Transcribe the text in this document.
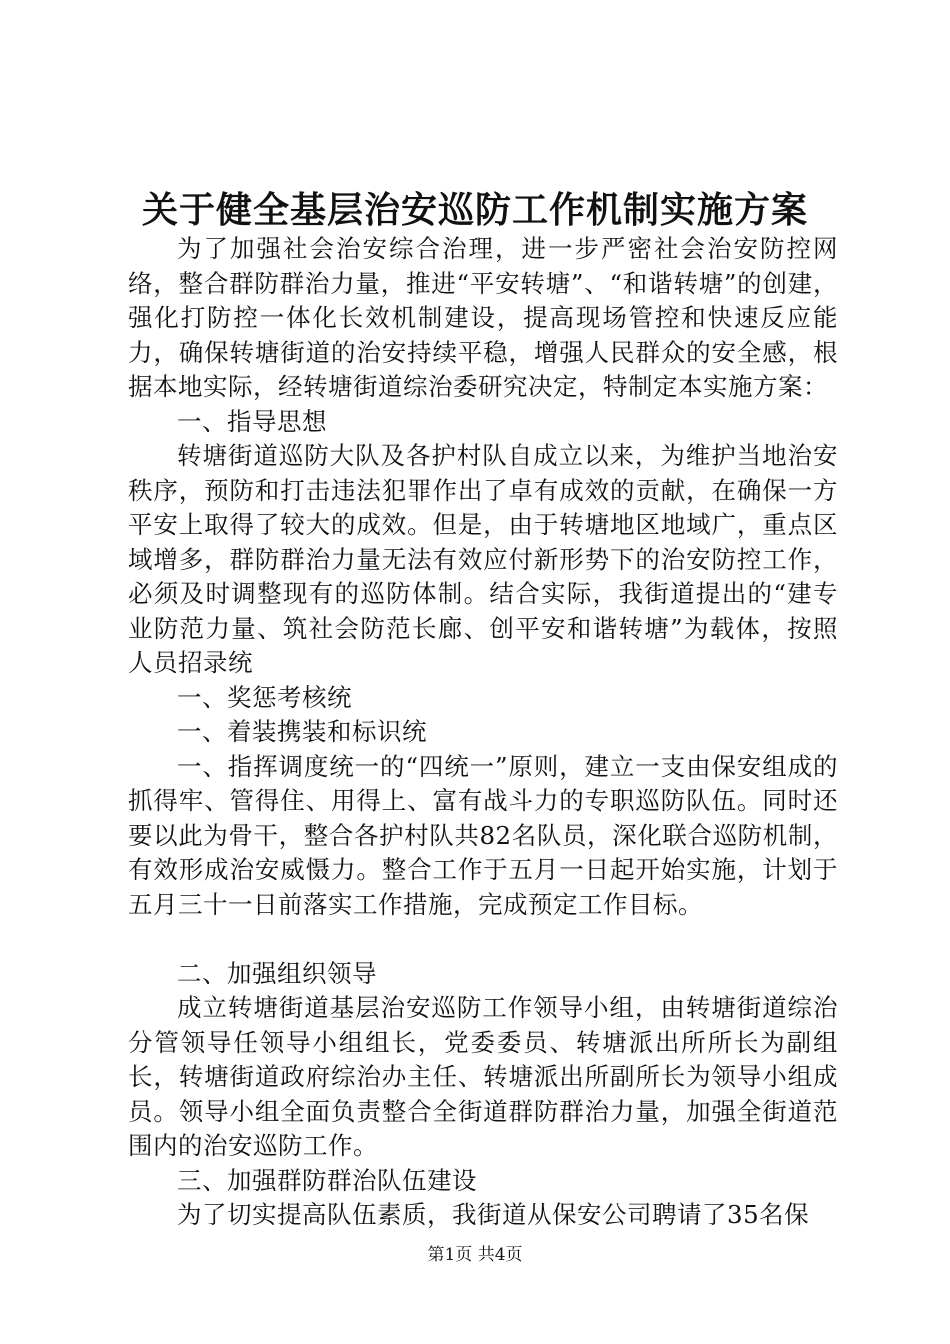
关于健全基层治安巡防工作机制实施方案

为了加强社会治安综合治理，进一步严密社会治安防控网络，整合群防群治力量，推进“平安转塘”、“和谐转塘”的创建，强化打防控一体化长效机制建设，提高现场管控和快速反应能力，确保转塘街道的治安持续平稳，增强人民群众的安全感，根据本地实际，经转塘街道综治委研究决定，特制定本实施方案：

一、指导思想

转塘街道巡防大队及各护村队自成立以来，为维护当地治安秩序，预防和打击违法犯罪作出了卓有成效的贡献，在确保一方平安上取得了较大的成效。但是，由于转塘地区地域广，重点区域增多，群防群治力量无法有效应付新形势下的治安防控工作，必须及时调整现有的巡防体制。结合实际，我街道提出的“建专业防范力量、筑社会防范长廊、创平安和谐转塘”为载体，按照人员招录统

一、奖惩考核统

一、着装携装和标识统

一、指挥调度统一的“四统一”原则，建立一支由保安组成的抓得牢、管得住、用得上、富有战斗力的专职巡防队伍。同时还要以此为骨干，整合各护村队共82名队员，深化联合巡防机制，有效形成治安威慑力。整合工作于五月一日起开始实施，计划于五月三十一日前落实工作措施，完成预定工作目标。

二、加强组织领导

成立转塘街道基层治安巡防工作领导小组，由转塘街道综治分管领导任领导小组组长，党委委员、转塘派出所所长为副组长，转塘街道政府综治办主任、转塘派出所副所长为领导小组成员。领导小组全面负责整合全街道群防群治力量，加强全街道范围内的治安巡防工作。

三、加强群防群治队伍建设

为了切实提高队伍素质，我街道从保安公司聘请了35名保

第1页 共4页
